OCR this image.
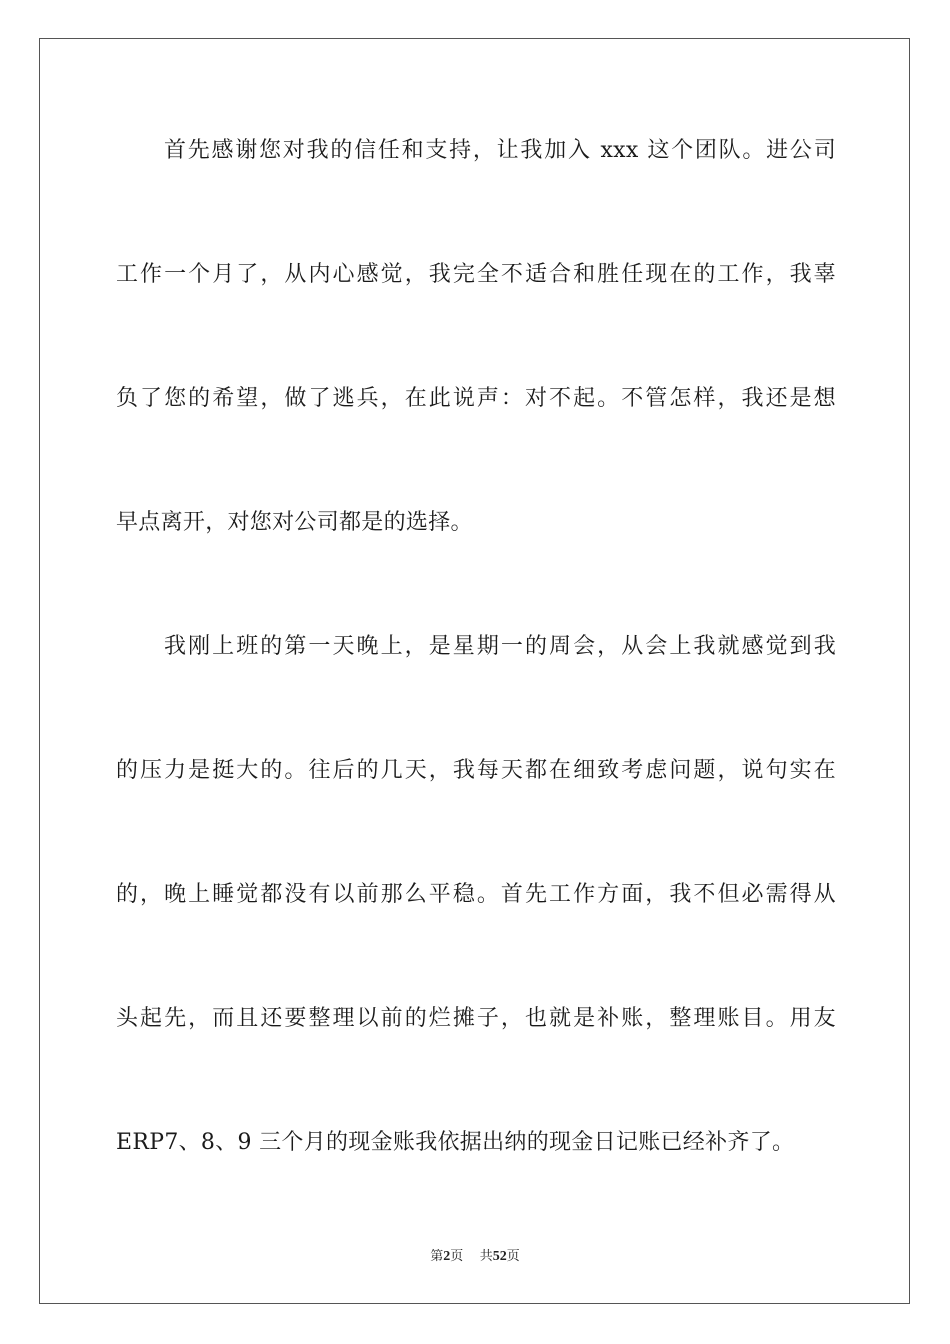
首先感谢您对我的信任和支持，让我加入 xxx 这个团队。进公司
工作一个月了，从内心感觉，我完全不适合和胜任现在的工作，我辜
负了您的希望，做了逃兵，在此说声：对不起。不管怎样，我还是想
早点离开，对您对公司都是的选择。
我刚上班的第一天晚上，是星期一的周会，从会上我就感觉到我
的压力是挺大的。往后的几天，我每天都在细致考虑问题，说句实在
的，晚上睡觉都没有以前那么平稳。首先工作方面，我不但必需得从
头起先，而且还要整理以前的烂摊子，也就是补账，整理账目。用友
ERP7、8、9 三个月的现金账我依据出纳的现金日记账已经补齐了。
第2页 共52页
